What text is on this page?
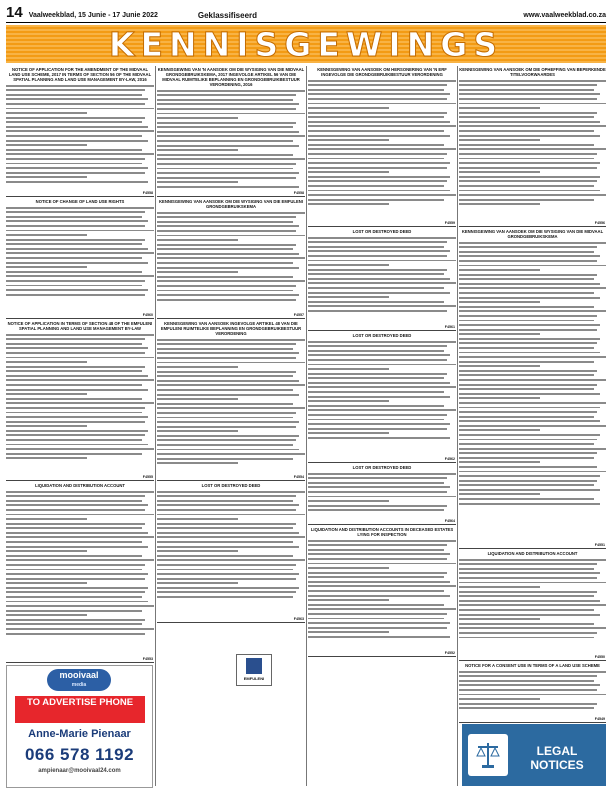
14 Vaalweekblad, 15 Junie - 17 Junie 2022	Geklassifiseerd	www.vaalweekblad.co.za
KENNISGEWINGS
NOTICE OF APPLICATION FOR THE AMENDMENT OF THE MIDVAAL LAND USE SCHEME, 2017 IN TERMS OF SECTION 56 OF THE MIDVAAL SPATIAL PLANNING AND LAND USE MANAGEMENT BY-LAW, 2016
F4558
KENNISGEWING VAN 'N AANSOEK OM DIE WYSIGING VAN DIE MIDVAAL GRONDGEBRUIKSKEMA, 2017 INGEVOLGE ARTIKEL 56 VAN DIE MIDVAAL RUIMTELIKE BEPLANNING EN GRONDGEBRUIKBESTUUR VERORDENING, 2016
F4558
NOTICE OF CHANGE OF LAND USE RIGHTS
F4560
KENNISGEWING VAN AANSOEK OM DIE WYSIGING VAN DIE EMFULENI GRONDGEBRUIKSKEMA
F4557
KENNISGEWING VAN AANSOEK OM HERSONERING VAN 'N ERF INGEVOLGE DIE GRONDGEBRUIKBESTUUR VERORDENING
F4559
KENNISGEWING VAN AANSOEK OM DIE OPHEFFING VAN BEPERKENDE TITELVOORWAARDES
F4556
LOST OR DESTROYED DEED
F4561
LOST OR DESTROYED DEED
F4562
NOTICE OF APPLICATION IN TERMS OF SECTION 48 OF THE EMFULENI SPATIAL PLANNING AND LAND USE MANAGEMENT BY-LAW
F4555
KENNISGEWING VAN AANSOEK INGEVOLGE ARTIKEL 48 VAN DIE EMFULENI RUIMTELIKE BEPLANNING EN GRONDGEBRUIKBESTUUR VERORDENING
F4554
LIQUIDATION AND DISTRIBUTION ACCOUNT
F4553
LOST OR DESTROYED DEED
F4563
LOST OR DESTROYED DEED
F4564
LIQUIDATION AND DISTRIBUTION ACCOUNTS IN DECEASED ESTATES LYING FOR INSPECTION
F4552
KENNISGEWING VAN AANSOEK OM DIE WYSIGING VAN DIE MIDVAAL GRONDGEBRUIKSKEMA
F4551
LIQUIDATION AND DISTRIBUTION ACCOUNT
F4550
NOTICE FOR A CONSENT USE IN TERMS OF A LAND USE SCHEME
F4549
mooivaal
media
TO ADVERTISE PHONE
Anne-Marie Pienaar
066 578 1192
ampienaar@mooivaal24.com
EMFULENI
LEGAL NOTICES
